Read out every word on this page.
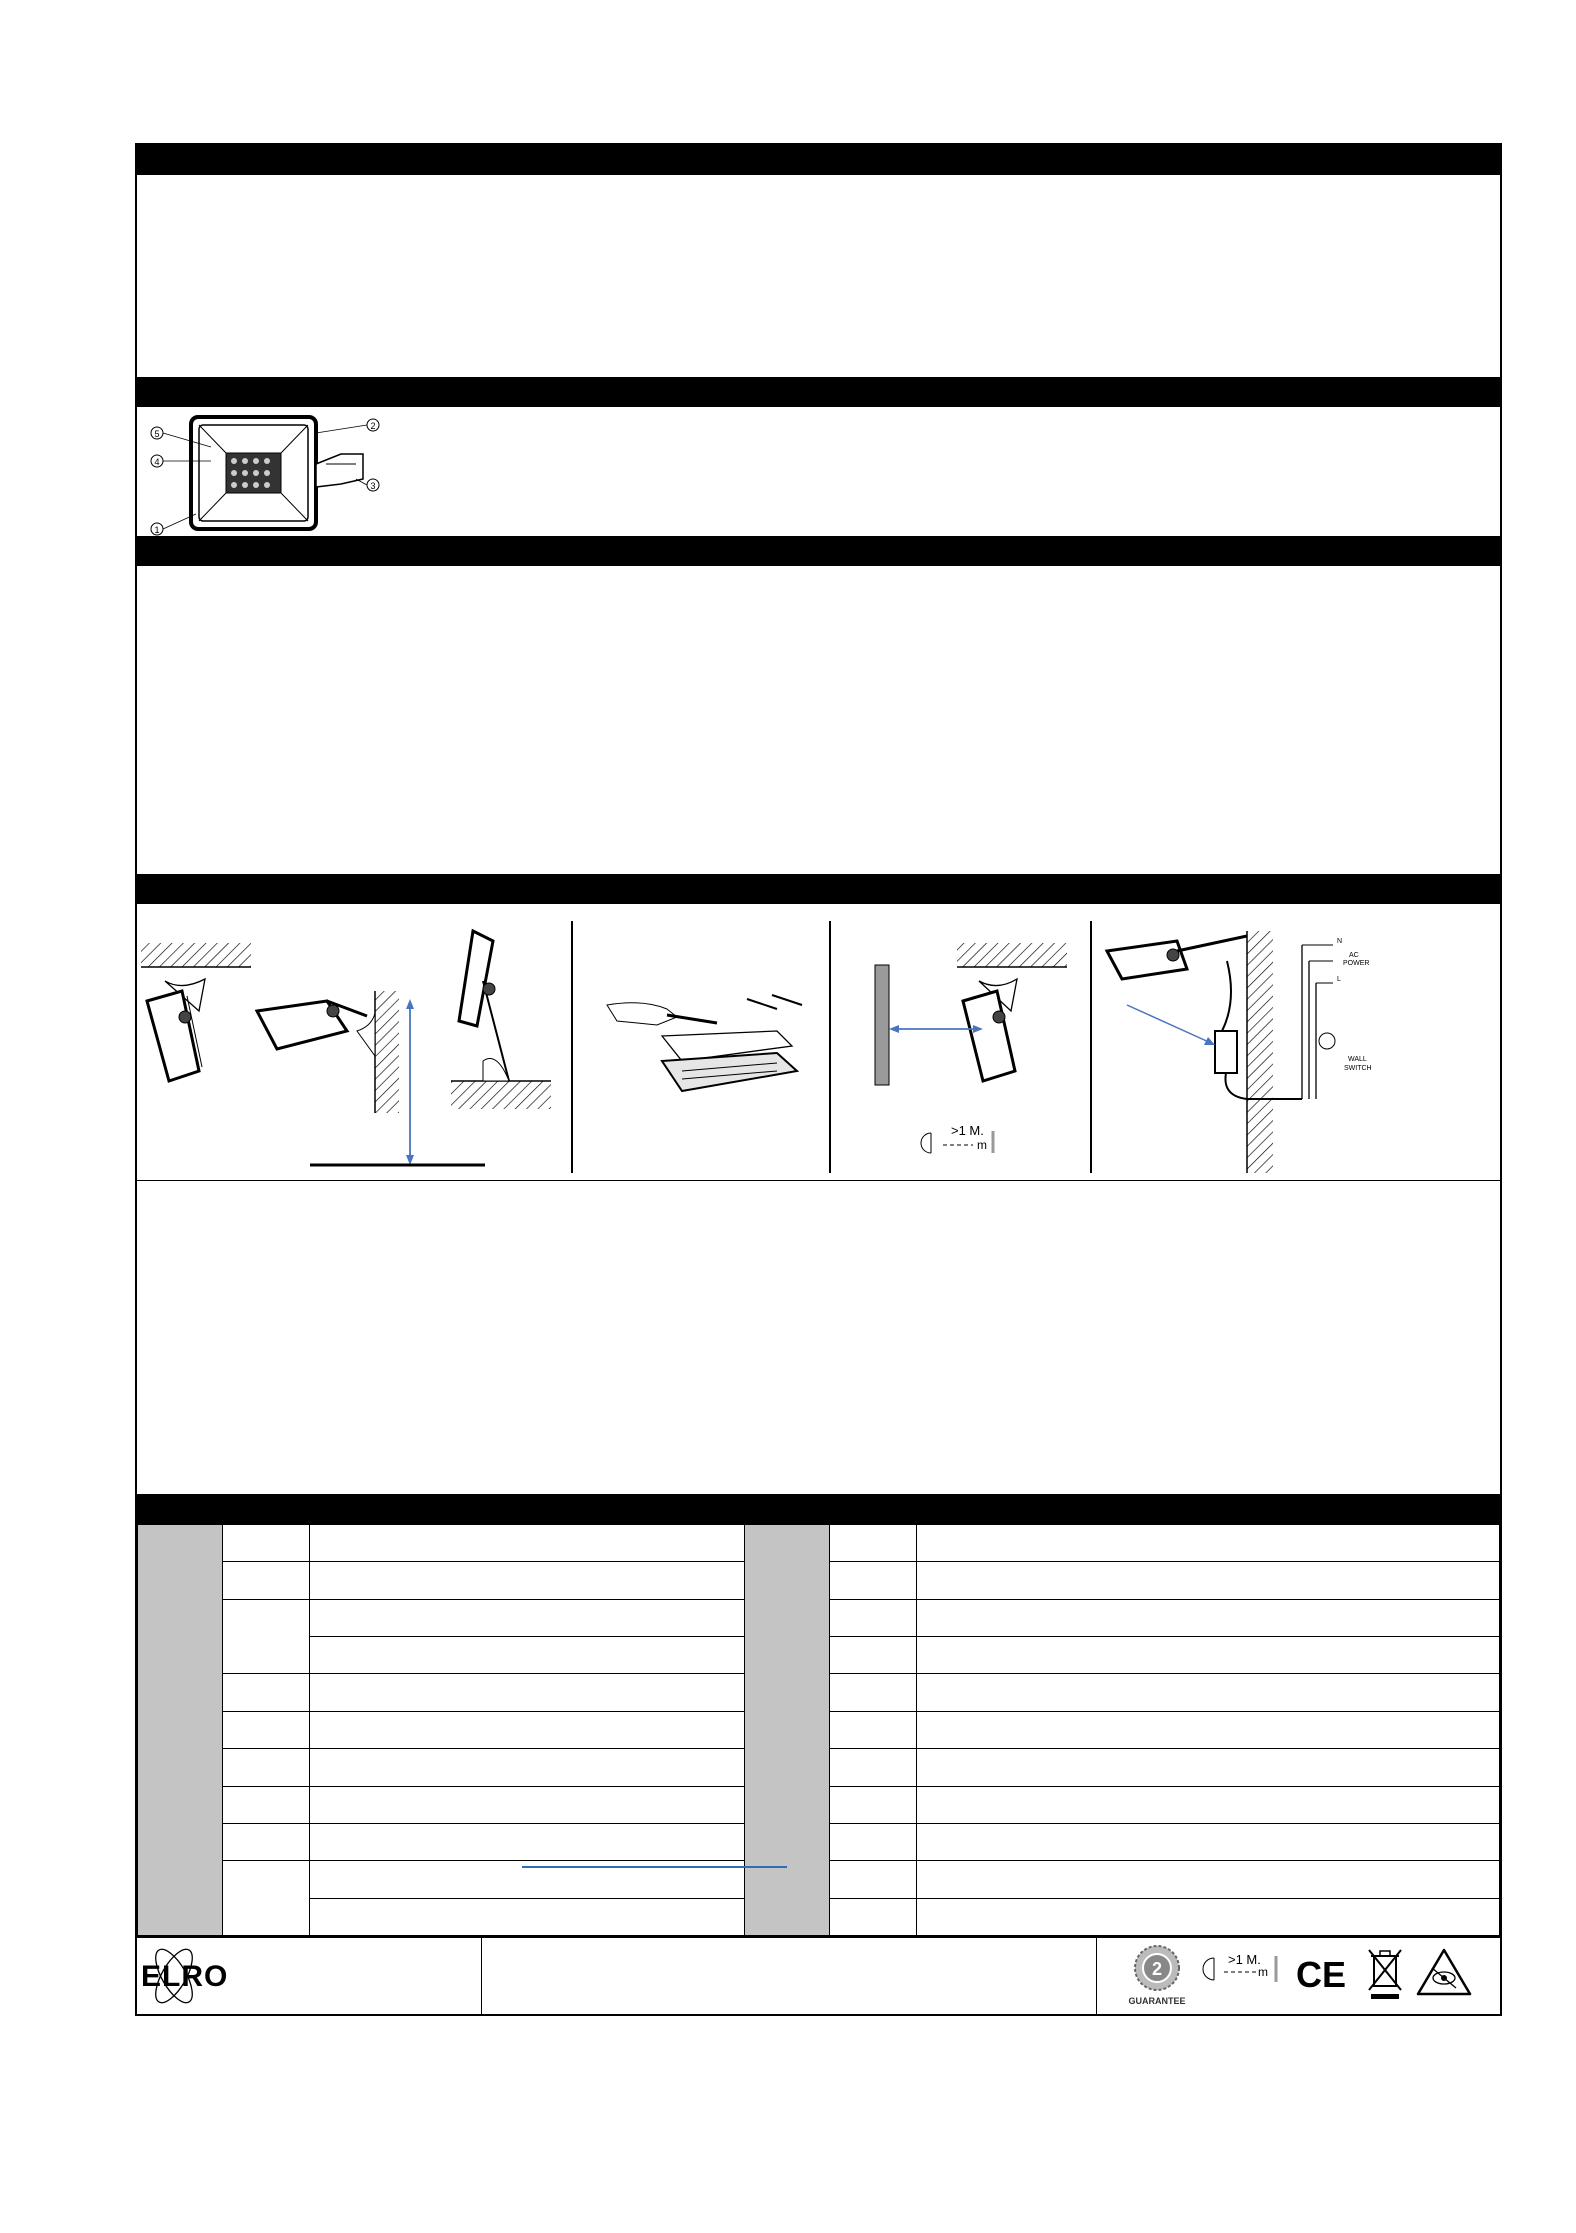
5
4
1
2
3
>1 M.
m
N
AC
POWER
L
WALL
SWITCH

ELRO	2
GUARANTEE
>1 M.
m CE
